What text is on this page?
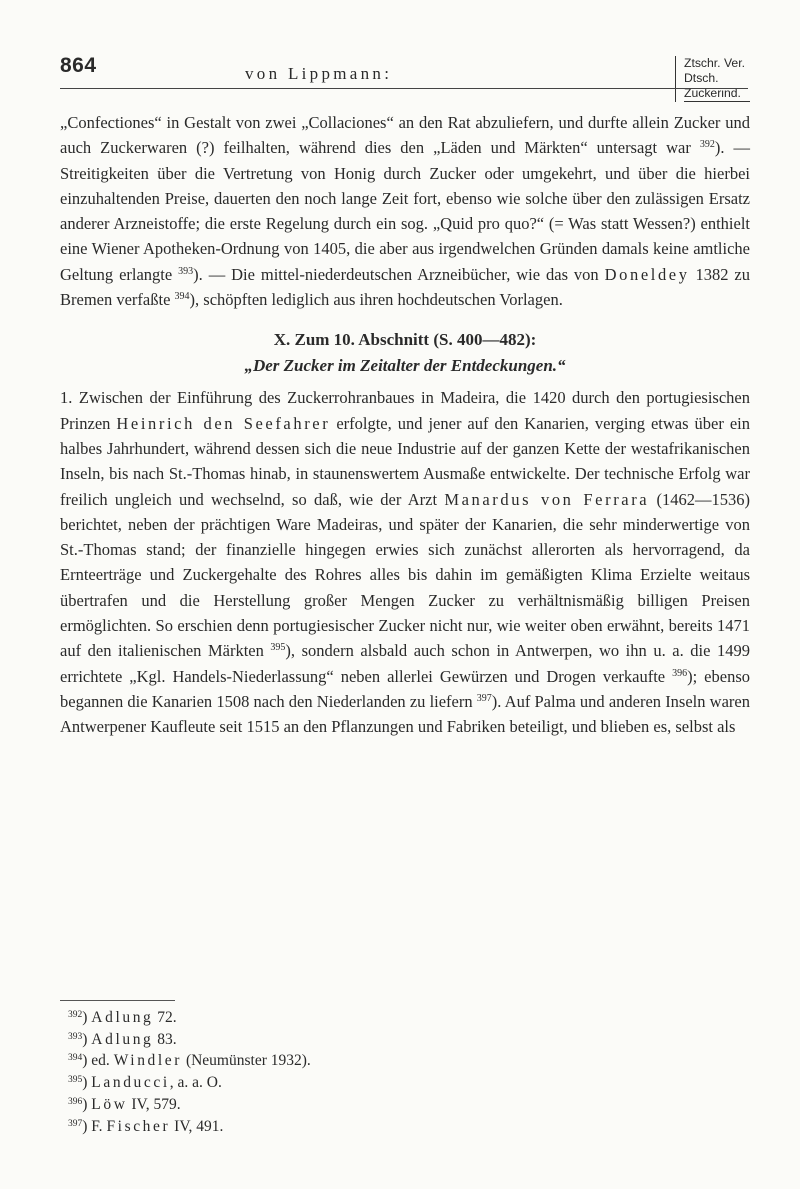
864	von Lippmann:
Ztschr. Ver.
Dtsch. Zuckerind.

„Confectiones“ in Gestalt von zwei „Collaciones“ an den Rat abzuliefern, und durfte allein Zucker und auch Zuckerwaren (?) feilhalten, während dies den „Läden und Märkten“ untersagt war $^{392}$). — Streitigkeiten über die Vertretung von Honig durch Zucker oder umgekehrt, und über die hierbei einzuhaltenden Preise, dauerten den noch lange Zeit fort, ebenso wie solche über den zulässigen Ersatz anderer Arzneistoffe; die erste Regelung durch ein sog. „Quid pro quo?“ (= Was statt Wessen?) enthielt eine Wiener Apotheken-Ordnung von 1405, die aber aus irgendwelchen Gründen damals keine amtliche Geltung erlangte $^{393}$). — Die mittel-niederdeutschen Arzneibücher, wie das von Doneldey 1382 zu Bremen verfaßte $^{394}$), schöpften lediglich aus ihren hochdeutschen Vorlagen.

X. Zum 10. Abschnitt (S. 400—482):
„Der Zucker im Zeitalter der Entdeckungen.“

1. Zwischen der Einführung des Zuckerrohranbaues in Madeira, die 1420 durch den portugiesischen Prinzen Heinrich den Seefahrer erfolgte, und jener auf den Kanarien, verging etwas über ein halbes Jahrhundert, während dessen sich die neue Industrie auf der ganzen Kette der westafrikanischen Inseln, bis nach St.-Thomas hinab, in staunenswertem Ausmaße entwickelte. Der technische Erfolg war freilich ungleich und wechselnd, so daß, wie der Arzt Manardus von Ferrara (1462—1536) berichtet, neben der prächtigen Ware Madeiras, und später der Kanarien, die sehr minderwertige von St.-Thomas stand; der finanzielle hingegen erwies sich zunächst allerorten als hervorragend, da Ernteerträge und Zuckergehalte des Rohres alles bis dahin im gemäßigten Klima Erzielte weitaus übertrafen und die Herstellung großer Mengen Zucker zu verhältnismäßig billigen Preisen ermöglichten. So erschien denn portugiesischer Zucker nicht nur, wie weiter oben erwähnt, bereits 1471 auf den italienischen Märkten $^{395}$), sondern alsbald auch schon in Antwerpen, wo ihn u. a. die 1499 errichtete „Kgl. Handels-Niederlassung“ neben allerlei Gewürzen und Drogen verkaufte $^{396}$); ebenso begannen die Kanarien 1508 nach den Niederlanden zu liefern $^{397}$). Auf Palma und anderen Inseln waren Antwerpener Kaufleute seit 1515 an den Pflanzungen und Fabriken beteiligt, und blieben es, selbst als

$^{392}$) Adlung 72.
$^{393}$) Adlung 83.
$^{394}$) ed. Windler (Neumünster 1932).
$^{395}$) Landucci, a. a. O.
$^{396}$) Löw IV, 579.
$^{397}$) F. Fischer IV, 491.
